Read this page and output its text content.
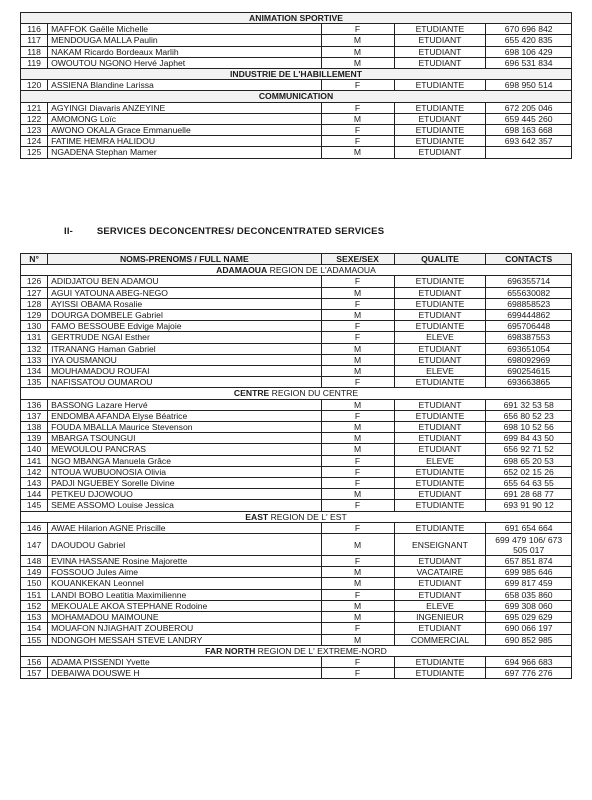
ANIMATION SPORTIVE				
116	MAFFOK Gaëlle Michelle	F	ETUDIANTE	670 696 842
117	MENDOUGA MALLA Paulin	M	ETUDIANT	655 420 835
118	NAKAM Ricardo Bordeaux Marlih	M	ETUDIANT	698 106 429
119	OWOUTOU NGONO Hervé Japhet	M	ETUDIANT	696 531 834
INDUSTRIE DE L'HABILLEMENT				
120	ASSIENA Blandine Larissa	F	ETUDIANTE	698 950 514
COMMUNICATION				
121	AGYINGI Diavaris ANZEYINE	F	ETUDIANTE	672 205 046
122	AMOMONG Loïc	M	ETUDIANT	659 445 260
123	AWONO OKALA Grace Emmanuelle	F	ETUDIANTE	698 163 668
124	FATIME HEMRA HALIDOU	F	ETUDIANTE	693 642 357
125	NGADENA Stephan Mamer	M	ETUDIANT	
II-	SERVICES DECONCENTRES/ DECONCENTRATED SERVICES
N°	NOMS-PRENOMS / FULL NAME	SEXE/SEX	QUALITE	CONTACTS
ADAMAOUA REGION DE L'ADAMAOUA				
126	ADIDJATOU BEN ADAMOU	F	ETUDIANTE	696355714
127	AGUI YATOUNA ABEG-NEGO	M	ETUDIANT	655630082
128	AYISSI OBAMA Rosalie	F	ETUDIANTE	698858523
129	DOURGA DOMBELE Gabriel	M	ETUDIANT	699444862
130	FAMO BESSOUBE Edvige Majoie	F	ETUDIANTE	695706448
131	GERTRUDE NGAI Esther	F	ELEVE	698387553
132	ITRANANG Haman Gabriel	M	ETUDIANT	693651054
133	IYA OUSMANOU	M	ETUDIANT	698092969
134	MOUHAMADOU ROUFAI	M	ELEVE	690254615
135	NAFISSATOU OUMAROU	F	ETUDIANTE	693663865
CENTRE REGION DU CENTRE				
136	BASSONG Lazare Hervé	M	ETUDIANT	691 32 53 58
137	ENDOMBA AFANDA Elyse Béatrice	F	ETUDIANTE	656 80 52 23
138	FOUDA MBALLA Maurice Stevenson	M	ETUDIANT	698 10 52 56
139	MBARGA TSOUNGUI	M	ETUDIANT	699 84 43 50
140	MEWOULOU PANCRAS	M	ETUDIANT	656 92 71 52
141	NGO MBANGA Manuela Grâce	F	ELEVE	698 65 20 53
142	NTOUA WUBUONOSIA Olivia	F	ETUDIANTE	652 02 15 26
143	PADJI NGUEBEY Sorelle Divine	F	ETUDIANTE	655 64 63 55
144	PETKEU DJOWOUO	M	ETUDIANT	691 28 68 77
145	SEME ASSOMO Louise Jessica	F	ETUDIANTE	693 91 90 12
EAST REGION DE L' EST				
146	AWAE Hilarion AGNE Priscille	F	ETUDIANTE	691 654 664
147	DAOUDOU Gabriel	M	ENSEIGNANT	699 479 106/ 673 505 017
148	EVINA HASSANE Rosine Majorette	F	ETUDIANT	657 851 874
149	FOSSOUO Jules Aime	M	VACATAIRE	699 985 646
150	KOUANKEKAN Leonnel	M	ETUDIANT	699 817 459
151	LANDI BOBO Leatitia Maximilienne	F	ETUDIANT	658 035 860
152	MEKOUALE AKOA STEPHANE Rodoine	M	ELEVE	699 308 060
153	MOHAMADOU MAIMOUNE	M	INGENIEUR	695 029 629
154	MOUAFON NJIAGHAIT ZOUBEROU	F	ETUDIANT	690 066 197
155	NDONGOH MESSAH STEVE LANDRY	M	COMMERCIAL	690 852 985
FAR NORTH REGION DE L' EXTREME-NORD				
156	ADAMA PISSENDI Yvette	F	ETUDIANTE	694 966 683
157	DEBAIWA DOUSWE H	F	ETUDIANTE	697 776 276
